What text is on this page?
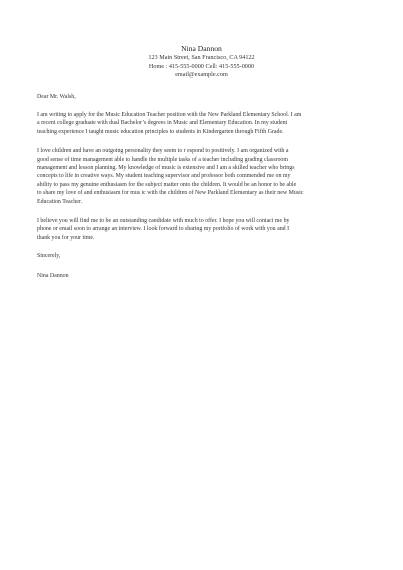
Nina Dannon
123 Main Street, San Francisco, CA 94122
Home : 415-555-0000 Cell: 415-555-0000
email@example.com
Dear Mr. Walsh,
I am writing to apply for the Music Education Teacher position with the New Parkland Elementary School. I am
a recent college graduate with dual Bachelor’s degrees in Music and Elementary Education. In my student
teaching experience I taught music education principles to students in Kindergarten through Fifth Grade.
I love children and have an outgoing personality they seem to r espond to positively. I am organized with a
good sense of time management able to handle the multiple tasks of a teacher including grading classroom
management and lesson planning. My knowledge of music is extensive and I am a skilled teacher who brings
concepts to life in creative ways. My student teaching supervisor and professor both commended me on my
ability to pass my genuine enthusiasm for the subject matter onto the children. It would be an honor to be able
to share my love of and enthusiasm for mus ic with the children of New Parkland Elementary as their new Music
Education Teacher.
I believe you will find me to be an outstanding candidate with much to offer. I hope you will contact me by
phone or email soon to arrange an interview. I look forward to sharing my portfolio of work with you and I
thank you for your time.
Sincerely,
Nina Dannon
